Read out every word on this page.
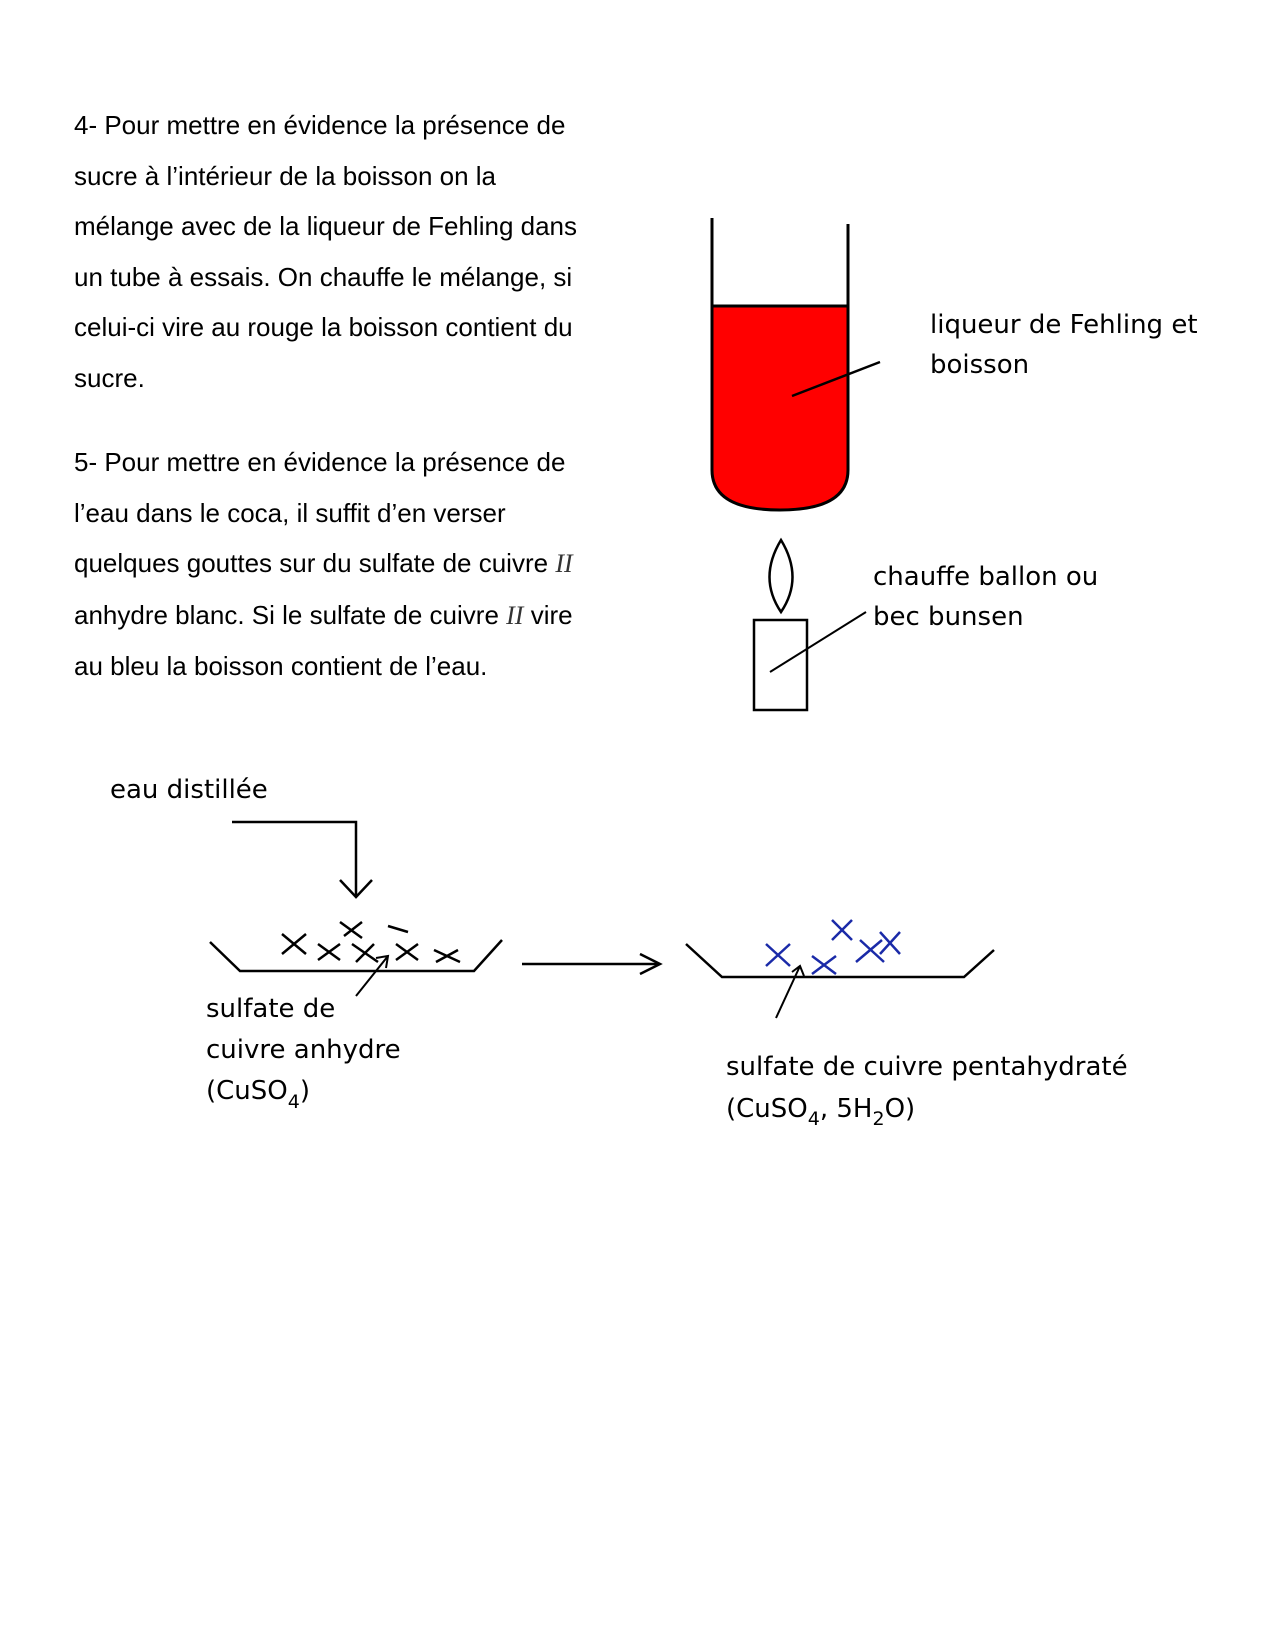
4- Pour mettre en évidence la présence de
sucre à l’intérieur de la boisson on la
mélange avec de la liqueur de Fehling dans
un tube à essais. On chauffe le mélange, si
celui-ci vire au rouge la boisson contient du
sucre.

5- Pour mettre en évidence la présence de
l’eau dans le coca, il suffit d’en verser
quelques gouttes sur du sulfate de cuivre II
anhydre blanc. Si le sulfate de cuivre II vire
au bleu la boisson contient de l’eau.

liqueur de Fehling et
boisson
chauffe ballon ou
bec bunsen
eau distillée
sulfate de
cuivre anhydre
(CuSO$_4$)
sulfate de cuivre pentahydraté
(CuSO$_4$, $5H_2O$)
